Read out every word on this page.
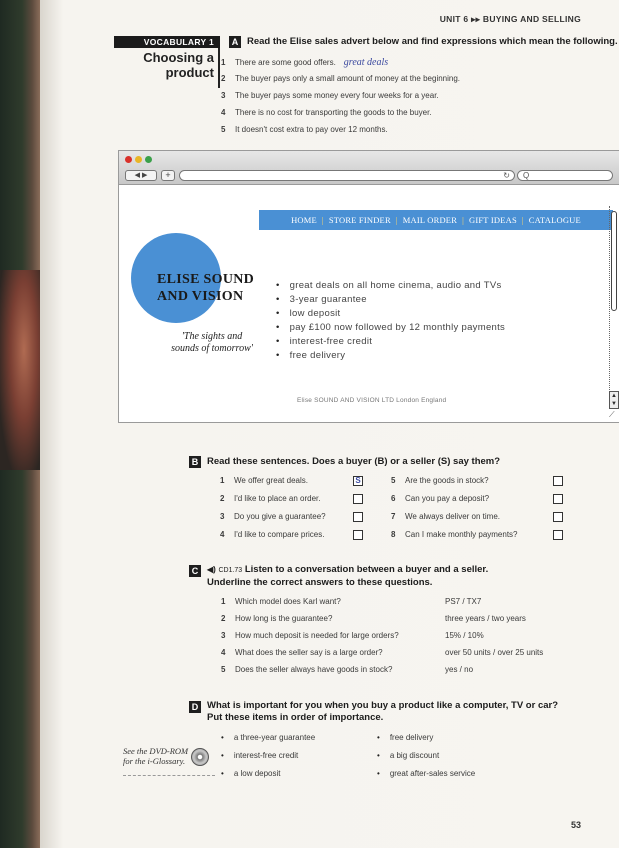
UNIT 6 ▸▸ BUYING AND SELLING
VOCABULARY 1
Choosing a
product
A Read the Elise sales advert below and find expressions which mean the following.
1 There are some good offers. great deals
2 The buyer pays only a small amount of money at the beginning.
3 The buyer pays some money every four weeks for a year.
4 There is no cost for transporting the goods to the buyer.
5 It doesn't cost extra to pay over 12 months.
◀ ▶	+	↻ Q
HOME | STORE FINDER | MAIL ORDER | GIFT IDEAS | CATALOGUE
ELISE SOUND
AND VISION
'The sights and
sounds of tomorrow'
• great deals on all home cinema, audio and TVs
• 3-year guarantee
• low deposit
• pay £100 now followed by 12 monthly payments
• interest-free credit
• free delivery
Elise SOUND AND VISION LTD London England
▲
▼
⟋
B Read these sentences. Does a buyer (B) or a seller (S) say them?
1 We offer great deals.	S
2 I'd like to place an order.
3 Do you give a guarantee?
4 I'd like to compare prices.
5 Are the goods in stock?
6 Can you pay a deposit?
7 We always deliver on time.
8 Can I make monthly payments?
C	◀) CD1.73 Listen to a conversation between a buyer and a seller.
Underline the correct answers to these questions.
1 Which model does Karl want?	PS7 / TX7
2 How long is the guarantee?	three years / two years
3 How much deposit is needed for large orders?	15% / 10%
4 What does the seller say is a large order?	over 50 units / over 25 units
5 Does the seller always have goods in stock?	yes / no
D What is important for you when you buy a product like a computer, TV or car?
Put these items in order of importance.
• a three-year guarantee
• interest-free credit
• a low deposit
• free delivery
• a big discount
• great after-sales service
See the DVD-ROM
for the i-Glossary.
53
